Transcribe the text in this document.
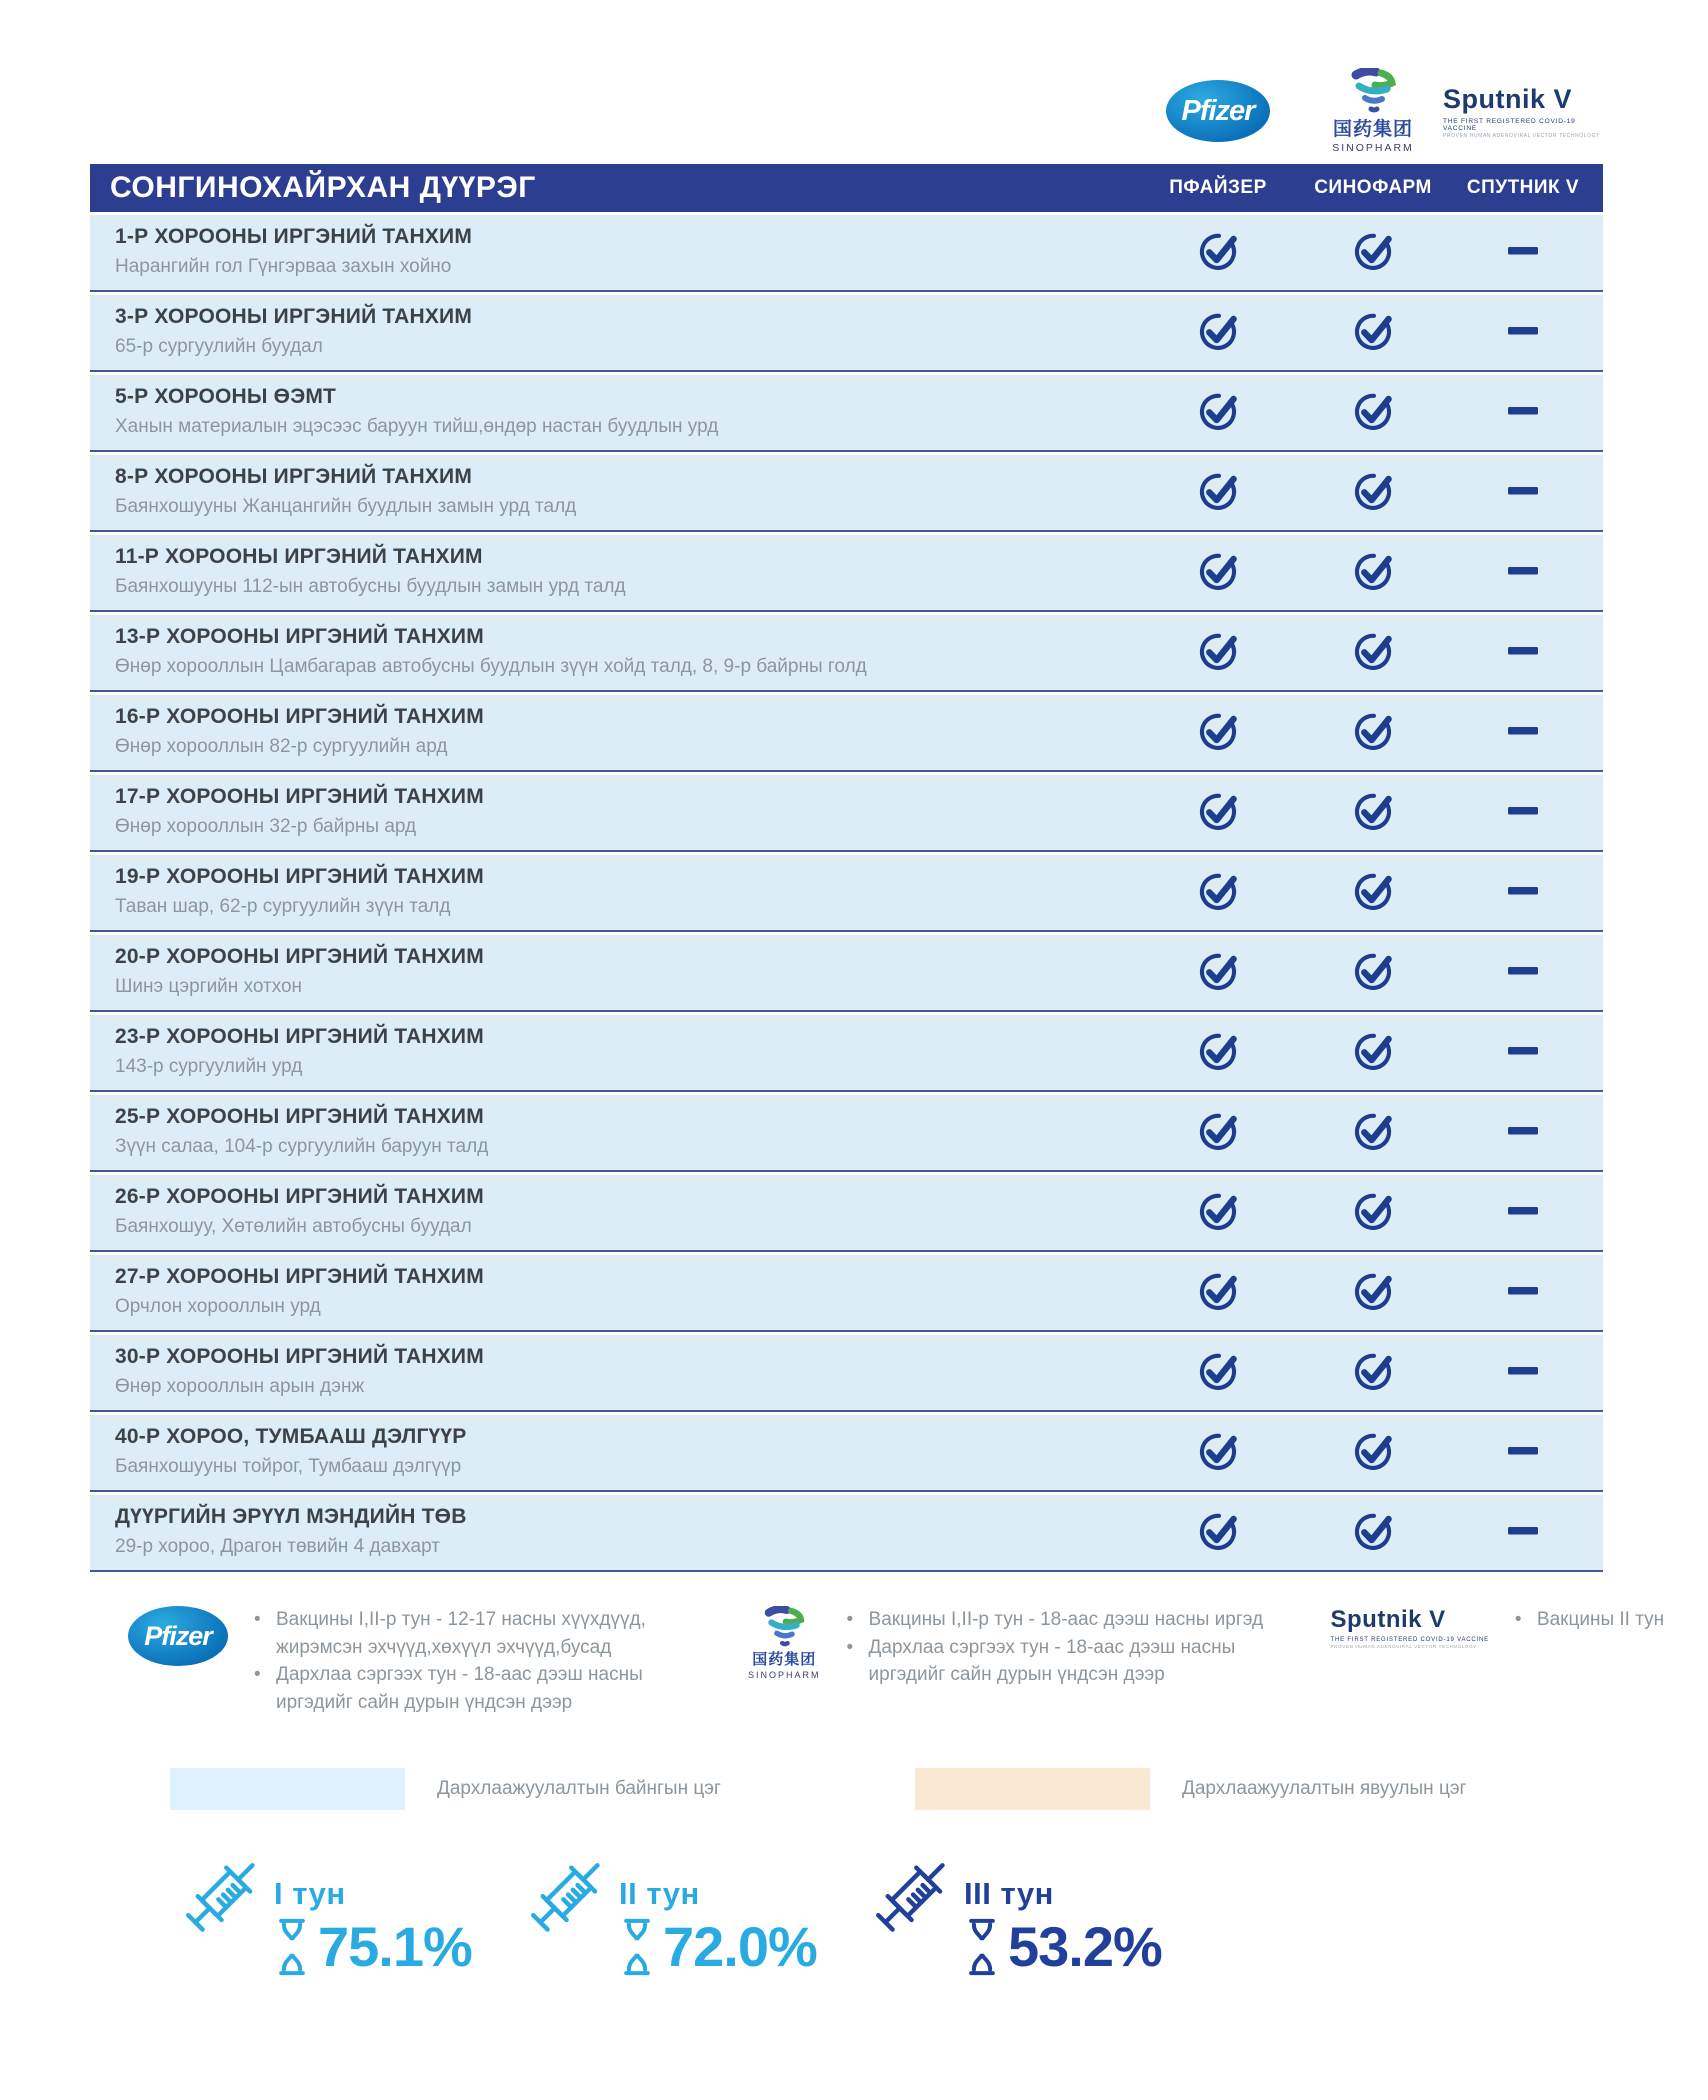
Pfizer
国药集团
SINOPHARM
Sputnik V
THE FIRST REGISTERED COVID-19 VACCINE
PROVEN HUMAN ADENOVIRAL VECTOR TECHNOLOGY
СОНГИНОХАЙРХАН ДҮҮРЭГ	ПФАЙЗЕР	СИНОФАРМ	СПУТНИК V
1-Р ХОРООНЫ ИРГЭНИЙ ТАНХИМ
Нарангийн гол Гүнгэрваа захын хойно
3-Р ХОРООНЫ ИРГЭНИЙ ТАНХИМ
65-р сургуулийн буудал
5-Р ХОРООНЫ ӨЭМТ
Ханын материалын эцэсээс баруун тийш,өндөр настан буудлын урд
8-Р ХОРООНЫ ИРГЭНИЙ ТАНХИМ
Баянхошууны Жанцангийн буудлын замын урд талд
11-Р ХОРООНЫ ИРГЭНИЙ ТАНХИМ
Баянхошууны 112-ын автобусны буудлын замын урд талд
13-Р ХОРООНЫ ИРГЭНИЙ ТАНХИМ
Өнөр хорооллын Цамбагарав автобусны буудлын зүүн хойд талд, 8, 9-р байрны голд
16-Р ХОРООНЫ ИРГЭНИЙ ТАНХИМ
Өнөр хорооллын 82-р сургуулийн ард
17-Р ХОРООНЫ ИРГЭНИЙ ТАНХИМ
Өнөр хорооллын 32-р байрны ард
19-Р ХОРООНЫ ИРГЭНИЙ ТАНХИМ
Таван шар, 62-р сургуулийн зүүн талд
20-Р ХОРООНЫ ИРГЭНИЙ ТАНХИМ
Шинэ цэргийн хотхон
23-Р ХОРООНЫ ИРГЭНИЙ ТАНХИМ
143-р сургуулийн урд
25-Р ХОРООНЫ ИРГЭНИЙ ТАНХИМ
Зүүн салаа, 104-р сургуулийн баруун талд
26-Р ХОРООНЫ ИРГЭНИЙ ТАНХИМ
Баянхошуу, Хөтөлийн автобусны буудал
27-Р ХОРООНЫ ИРГЭНИЙ ТАНХИМ
Орчлон хорооллын урд
30-Р ХОРООНЫ ИРГЭНИЙ ТАНХИМ
Өнөр хорооллын арын дэнж
40-Р ХОРОО, ТУМБААШ ДЭЛГҮҮР
Баянхошууны тойрог, Тумбааш дэлгүүр
ДҮҮРГИЙН ЭРҮҮЛ МЭНДИЙН ТӨВ
29-р хороо, Драгон төвийн 4 давхарт
Pfizer
• Вакцины I,II-р тун - 12-17 насны хүүхдүүд, жирэмсэн эхчүүд,хөхүүл эхчүүд,бусад
• Дархлаа сэргээх тун - 18-аас дээш насны иргэдийг сайн дурын үндсэн дээр
国药集团
SINOPHARM
• Вакцины I,II-р тун - 18-аас дээш насны иргэд
• Дархлаа сэргээх тун - 18-аас дээш насны иргэдийг сайн дурын үндсэн дээр
Sputnik V
THE FIRST REGISTERED COVID-19 VACCINE
PROVEN HUMAN ADENOVIRAL VECTOR TECHNOLOGY
• Вакцины II тун
Дархлаажуулалтын байнгын цэг	Дархлаажуулалтын явуулын цэг
I тун
75.1%
II тун
72.0%
III тун
53.2%
